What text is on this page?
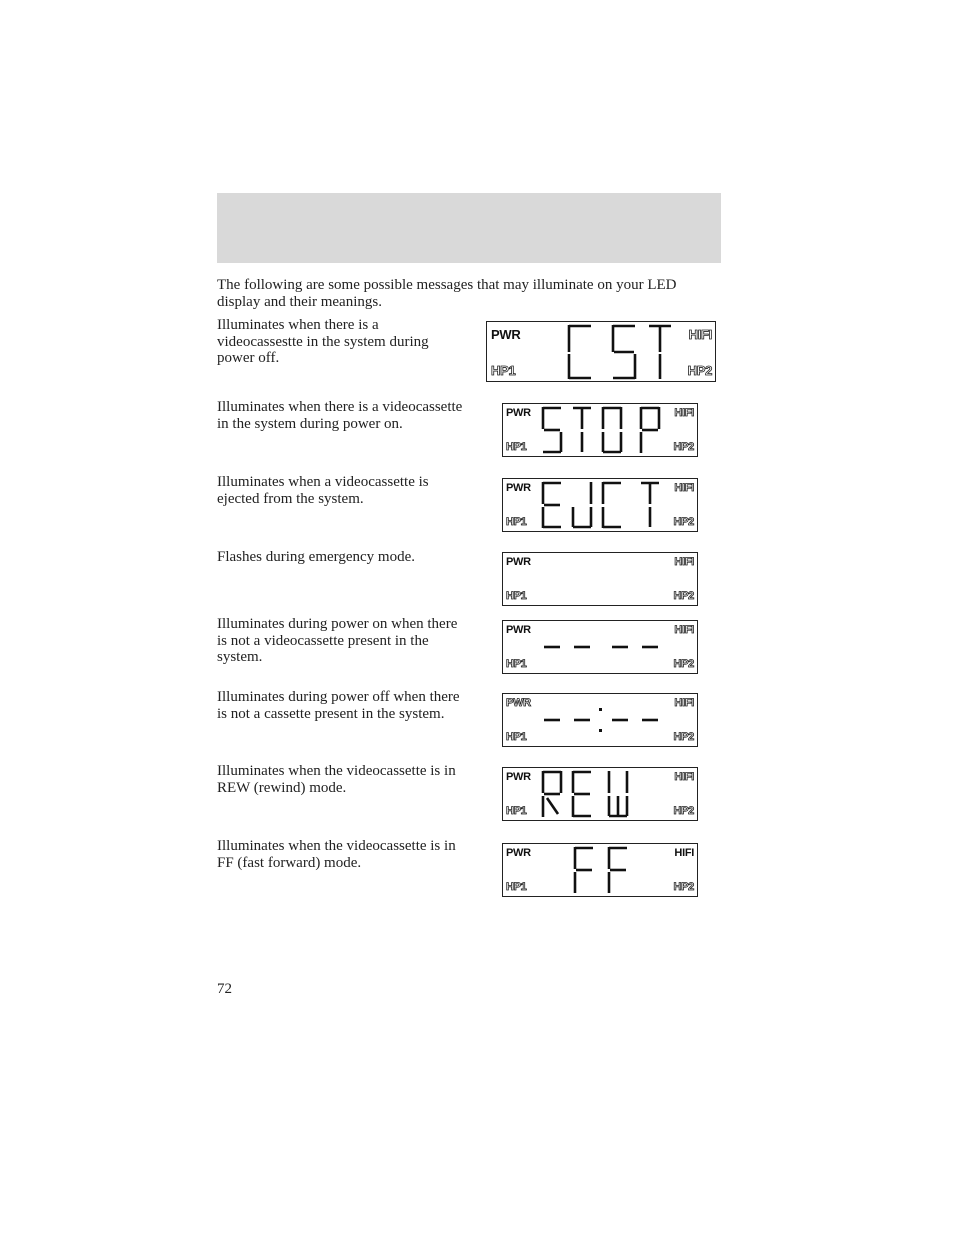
The following are some possible messages that may illuminate on your LED display and their meanings.

Illuminates when there is a videocassestte in the system during power off.

PWR	HIFI
HP1	HP2

Illuminates when there is a videocassette in the system during power on.

PWR	HIFI
HP1	HP2

Illuminates when a videocassette is ejected from the system.

PWR	HIFI
HP1	HP2

Flashes during emergency mode.	PWR	HIFI
HP1	HP2

Illuminates during power on when there is not a videocassette present in the system.

PWR	HIFI
HP1	HP2

Illuminates during power off when there is not a cassette present in the system.

PWR	HIFI
HP1	HP2

Illuminates when the videocassette is in REW (rewind) mode.

PWR	HIFI
HP1	HP2

Illuminates when the videocassette is in FF (fast forward) mode.

PWR	HIFI
HP1	HP2

72
